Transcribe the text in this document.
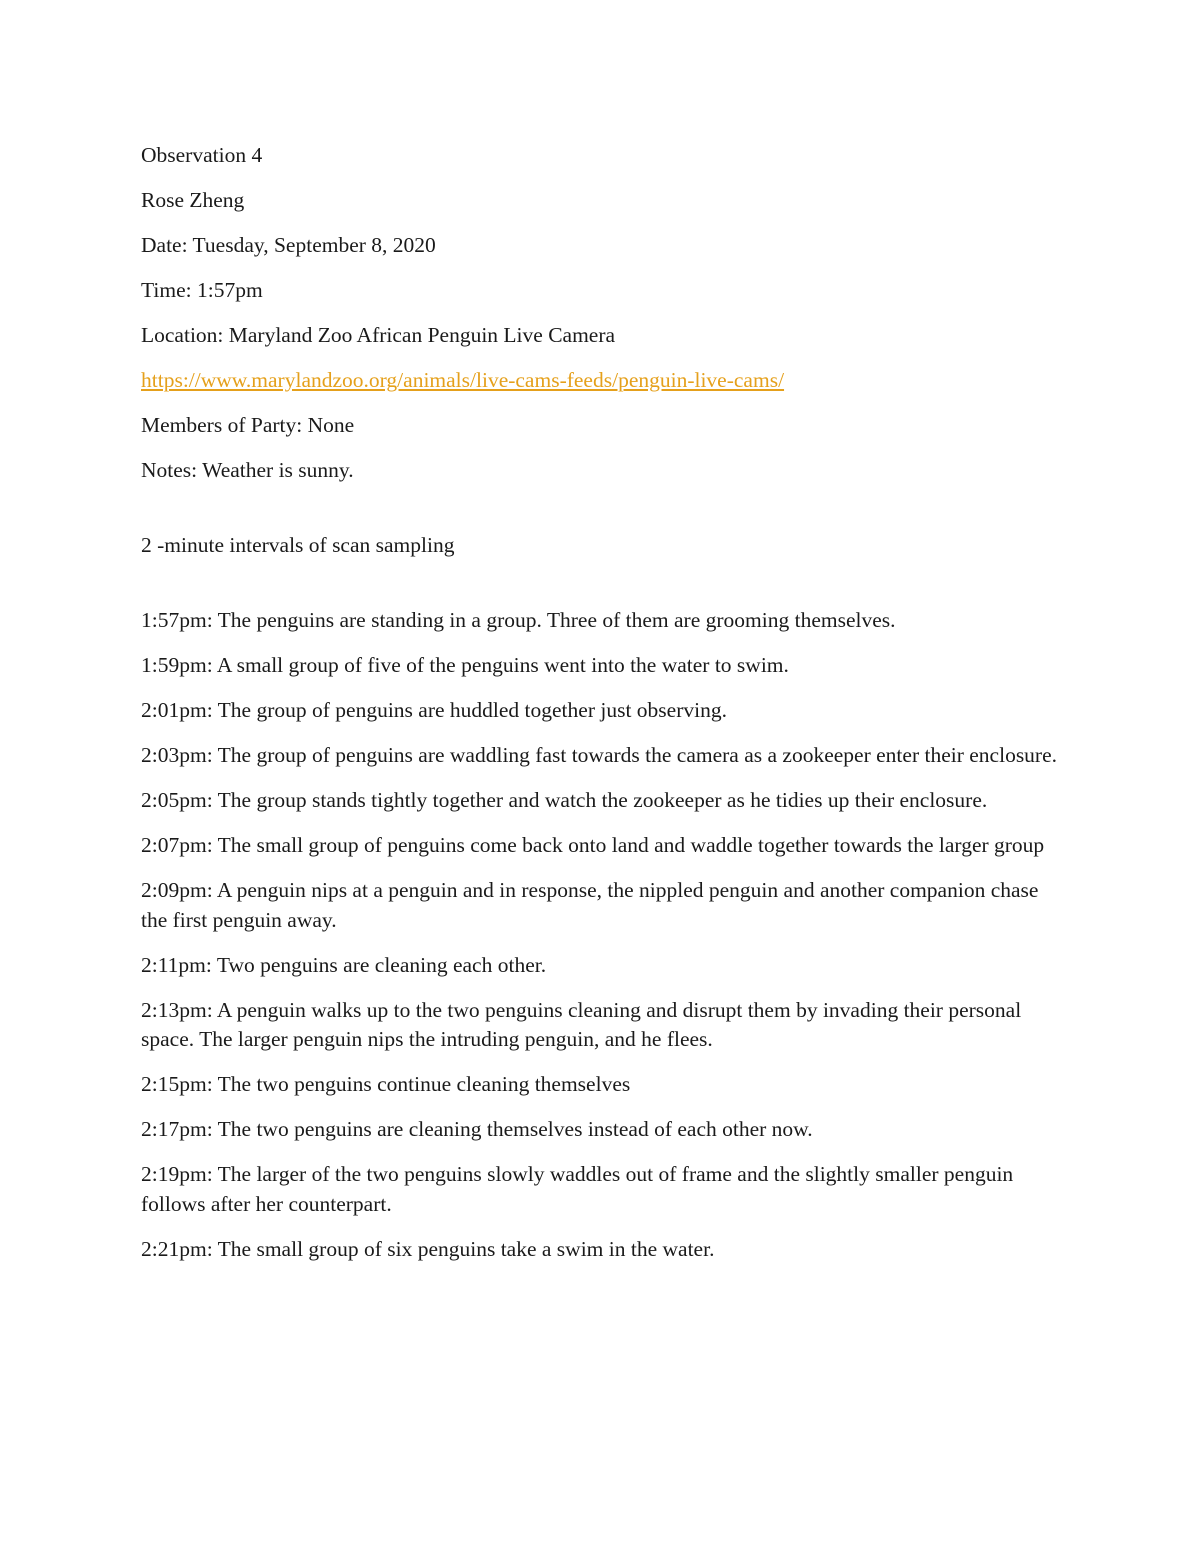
Observation 4

Rose Zheng

Date: Tuesday, September 8, 2020

Time: 1:57pm

Location: Maryland Zoo African Penguin Live Camera

https://www.marylandzoo.org/animals/live-cams-feeds/penguin-live-cams/

Members of Party: None

Notes: Weather is sunny.

2 -minute intervals of scan sampling

1:57pm: The penguins are standing in a group. Three of them are grooming themselves.

1:59pm: A small group of five of the penguins went into the water to swim.

2:01pm: The group of penguins are huddled together just observing.

2:03pm: The group of penguins are waddling fast towards the camera as a zookeeper enter their enclosure.

2:05pm: The group stands tightly together and watch the zookeeper as he tidies up their enclosure.

2:07pm: The small group of penguins come back onto land and waddle together towards the larger group

2:09pm: A penguin nips at a penguin and in response, the nippled penguin and another companion chase the first penguin away.

2:11pm: Two penguins are cleaning each other.

2:13pm: A penguin walks up to the two penguins cleaning and disrupt them by invading their personal space. The larger penguin nips the intruding penguin, and he flees.

2:15pm: The two penguins continue cleaning themselves

2:17pm: The two penguins are cleaning themselves instead of each other now.

2:19pm: The larger of the two penguins slowly waddles out of frame and the slightly smaller penguin follows after her counterpart.

2:21pm: The small group of six penguins take a swim in the water.
